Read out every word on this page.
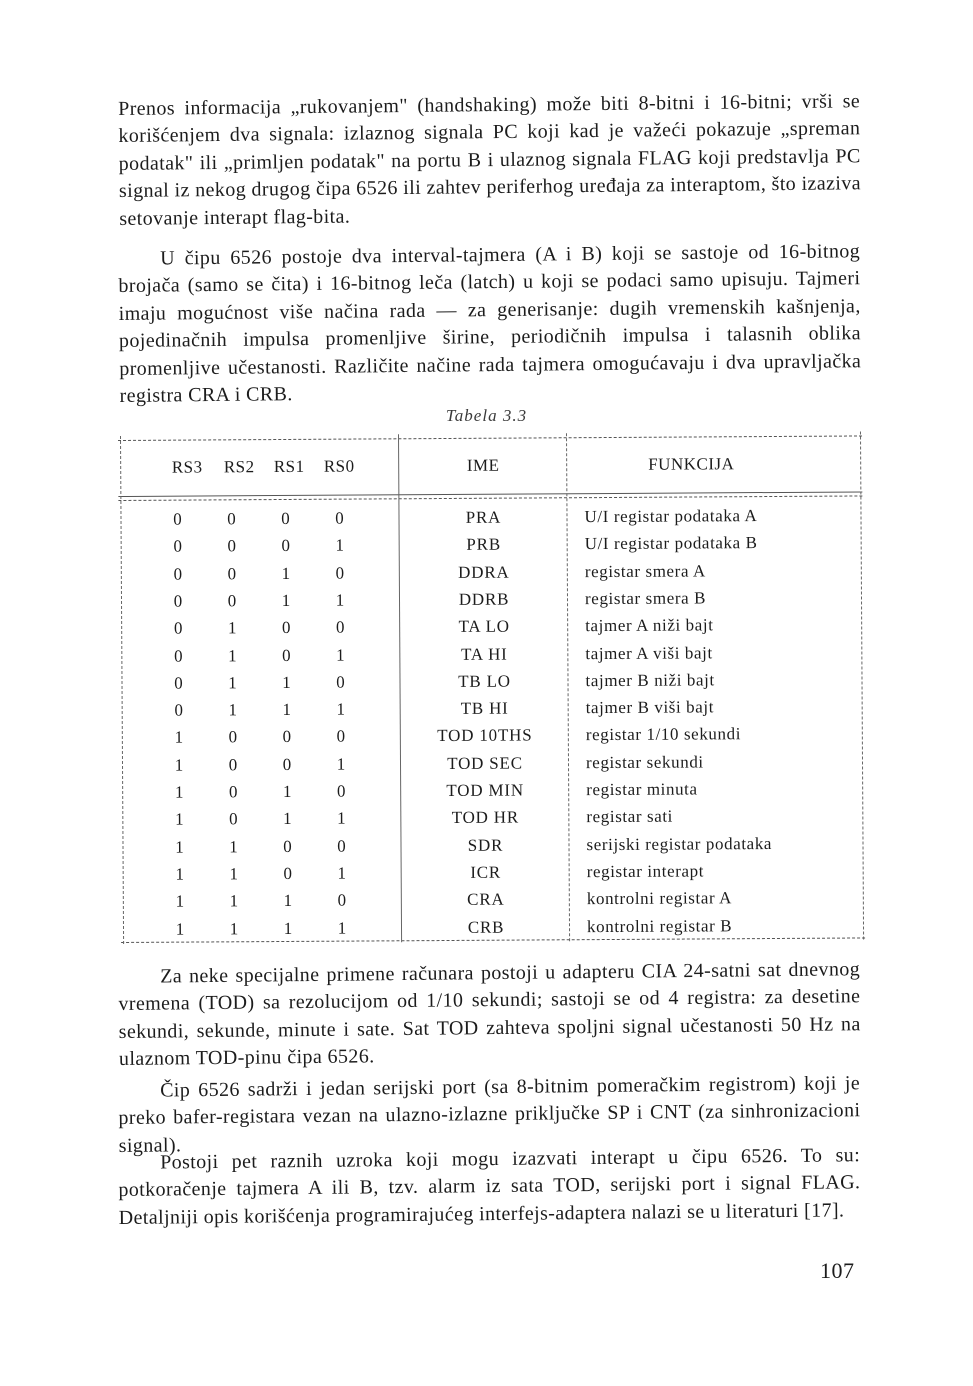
Prenos informacija „rukovanjem" (handshaking) može biti 8-bitni i 16-bitni; vrši se korišćenjem dva signala: izlaznog signala PC koji kad je važeći pokazuje „spreman podatak" ili „primljen podatak" na portu B i ulaznog signala FLAG koji predstavlja PC signal iz nekog drugog čipa 6526 ili zahtev periferhog uređaja za interaptom, što izaziva setovanje interapt flag-bita.

U čipu 6526 postoje dva interval-tajmera (A i B) koji se sastoje od 16-bitnog brojača (samo se čita) i 16-bitnog leča (latch) u koji se podaci samo upisuju. Tajmeri imaju mogućnost više načina rada — za generisanje: dugih vremenskih kašnjenja, pojedinačnih impulsa promenljive širine, periodičnih impulsa i talasnih oblika promenljive učestanosti. Različite načine rada tajmera omogućavaju i dva upravljačka registra CRA i CRB.

Tabela 3.3
RS3	RS2	RS1	RS0	IME	FUNKCIJA
0	0	0	0	PRA	U/I registar podataka A
0	0	0	1	PRB	U/I registar podataka B
0	0	1	0	DDRA	registar smera A
0	0	1	1	DDRB	registar smera B
0	1	0	0	TA LO	tajmer A niži bajt
0	1	0	1	TA HI	tajmer A viši bajt
0	1	1	0	TB LO	tajmer B niži bajt
0	1	1	1	TB HI	tajmer B viši bajt
1	0	0	0	TOD 10THS	registar 1/10 sekundi
1	0	0	1	TOD SEC	registar sekundi
1	0	1	0	TOD MIN	registar minuta
1	0	1	1	TOD HR	registar sati
1	1	0	0	SDR	serijski registar podataka
1	1	0	1	ICR	registar interapt
1	1	1	0	CRA	kontrolni registar A
1	1	1	1	CRB	kontrolni registar B

Za neke specijalne primene računara postoji u adapteru CIA 24-satni sat dnevnog vremena (TOD) sa rezolucijom od 1/10 sekundi; sastoji se od 4 registra: za desetine sekundi, sekunde, minute i sate. Sat TOD zahteva spoljni signal učestanosti 50 Hz na ulaznom TOD-pinu čipa 6526.

Čip 6526 sadrži i jedan serijski port (sa 8-bitnim pomeračkim registrom) koji je preko bafer-registara vezan na ulazno-izlazne priključke SP i CNT (za sinhronizacioni signal).

Postoji pet raznih uzroka koji mogu izazvati interapt u čipu 6526. To su: potkoračenje tajmera A ili B, tzv. alarm iz sata TOD, serijski port i signal FLAG. Detaljniji opis korišćenja programirajućeg interfejs-adaptera nalazi se u literaturi [17].

107
